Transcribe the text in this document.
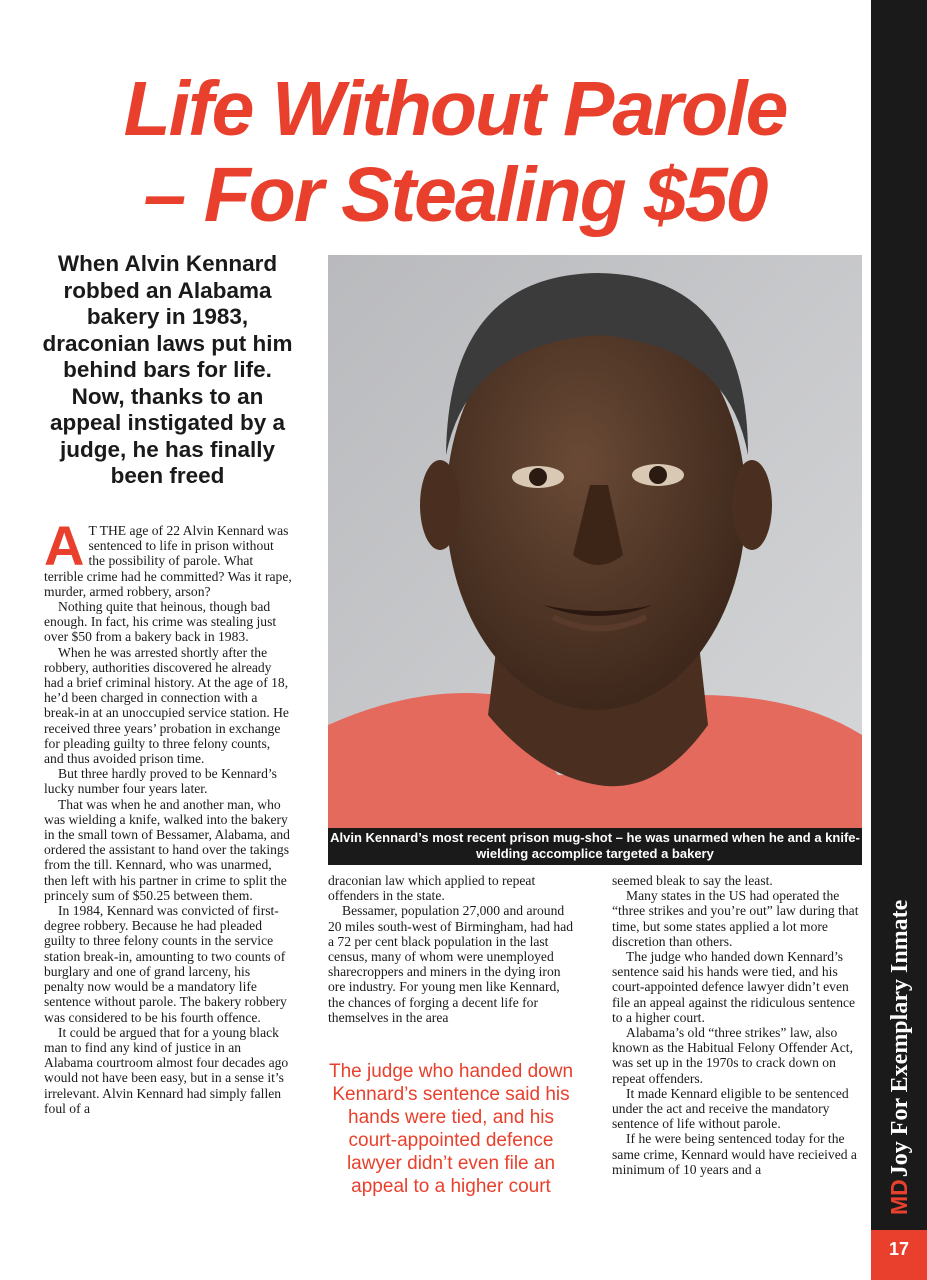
Life Without Parole
– For Stealing $50

When Alvin Kennard robbed an Alabama bakery in 1983, draconian laws put him behind bars for life. Now, thanks to an appeal instigated by a judge, he has finally been freed

A T THE age of 22 Alvin Kennard was sentenced to life in prison without the possibility of parole. What terrible crime had he committed? Was it rape, murder, armed robbery, arson?

Nothing quite that heinous, though bad enough. In fact, his crime was stealing just over $50 from a bakery back in 1983.

When he was arrested shortly after the robbery, authorities discovered he already had a brief criminal history. At the age of 18, he’d been charged in connection with a break-in at an unoccupied service station. He received three years’ probation in exchange for pleading guilty to three felony counts, and thus avoided prison time.

But three hardly proved to be Kennard’s lucky number four years later.

That was when he and another man, who was wielding a knife, walked into the bakery in the small town of Bessamer, Alabama, and ordered the assistant to hand over the takings from the till. Kennard, who was unarmed, then left with his partner in crime to split the princely sum of $50.25 between them.

In 1984, Kennard was convicted of first-degree robbery. Because he had pleaded guilty to three felony counts in the service station break-in, amounting to two counts of burglary and one of grand larceny, his penalty now would be a mandatory life sentence without parole. The bakery robbery was considered to be his fourth offence.

It could be argued that for a young black man to find any kind of justice in an Alabama courtroom almost four decades ago would not have been easy, but in a sense it’s irrelevant. Alvin Kennard had simply fallen foul of a

Alvin Kennard’s most recent prison mug-shot – he was unarmed when he and a knife-wielding accomplice targeted a bakery

draconian law which applied to repeat offenders in the state.

Bessamer, population 27,000 and around 20 miles south-west of Birmingham, had had a 72 per cent black population in the last census, many of whom were unemployed sharecroppers and miners in the dying iron ore industry. For young men like Kennard, the chances of forging a decent life for themselves in the area

The judge who handed down Kennard’s sentence said his hands were tied, and his court-appointed defence lawyer didn’t even file an appeal to a higher court

seemed bleak to say the least.

Many states in the US had operated the “three strikes and you’re out” law during that time, but some states applied a lot more discretion than others.

The judge who handed down Kennard’s sentence said his hands were tied, and his court-appointed defence lawyer didn’t even file an appeal against the ridiculous sentence to a higher court.

Alabama’s old “three strikes” law, also known as the Habitual Felony Offender Act, was set up in the 1970s to crack down on repeat offenders.

It made Kennard eligible to be sentenced under the act and receive the mandatory sentence of life without parole.

If he were being sentenced today for the same crime, Kennard would have recieived a minimum of 10 years and a

MDJoy For Exemplary Inmate
17
